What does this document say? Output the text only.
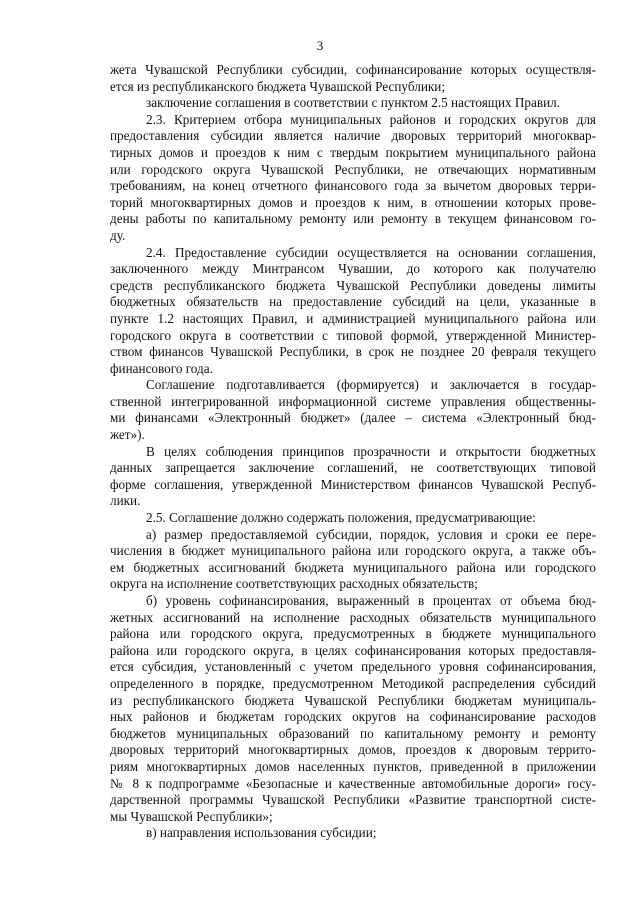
3
жета Чувашской Республики субсидии, софинансирование которых осуществля-
ется из республиканского бюджета Чувашской Республики;
заключение соглашения в соответствии с пунктом 2.5 настоящих Правил.
2.3. Критерием отбора муниципальных районов и городских округов для
предоставления субсидии является наличие дворовых территорий многоквар-
тирных домов и проездов к ним с твердым покрытием муниципального района
или городского округа Чувашской Республики, не отвечающих нормативным
требованиям, на конец отчетного финансового года за вычетом дворовых терри-
торий многоквартирных домов и проездов к ним, в отношении которых прове-
дены работы по капитальному ремонту или ремонту в текущем финансовом го-
ду.
2.4. Предоставление субсидии осуществляется на основании соглашения,
заключенного между Минтрансом Чувашии, до которого как получателю
средств республиканского бюджета Чувашской Республики доведены лимиты
бюджетных обязательств на предоставление субсидий на цели, указанные в
пункте 1.2 настоящих Правил, и администрацией муниципального района или
городского округа в соответствии с типовой формой, утвержденной Министер-
ством финансов Чувашской Республики, в срок не позднее 20 февраля текущего
финансового года.
Соглашение подготавливается (формируется) и заключается в государ-
ственной интегрированной информационной системе управления общественны-
ми финансами «Электронный бюджет» (далее – система «Электронный бюд-
жет»).
В целях соблюдения принципов прозрачности и открытости бюджетных
данных запрещается заключение соглашений, не соответствующих типовой
форме соглашения, утвержденной Министерством финансов Чувашской Респуб-
лики.
2.5. Соглашение должно содержать положения, предусматривающие:
а) размер предоставляемой субсидии, порядок, условия и сроки ее пере-
числения в бюджет муниципального района или городского округа, а также объ-
ем бюджетных ассигнований бюджета муниципального района или городского
округа на исполнение соответствующих расходных обязательств;
б) уровень софинансирования, выраженный в процентах от объема бюд-
жетных ассигнований на исполнение расходных обязательств муниципального
района или городского округа, предусмотренных в бюджете муниципального
района или городского округа, в целях софинансирования которых предоставля-
ется субсидия, установленный с учетом предельного уровня софинансирования,
определенного в порядке, предусмотренном Методикой распределения субсидий
из республиканского бюджета Чувашской Республики бюджетам муниципаль-
ных районов и бюджетам городских округов на софинансирование расходов
бюджетов муниципальных образований по капитальному ремонту и ремонту
дворовых территорий многоквартирных домов, проездов к дворовым террито-
риям многоквартирных домов населенных пунктов, приведенной в приложении
№ 8 к подпрограмме «Безопасные и качественные автомобильные дороги» госу-
дарственной программы Чувашской Республики «Развитие транспортной систе-
мы Чувашской Республики»;
в) направления использования субсидии;
